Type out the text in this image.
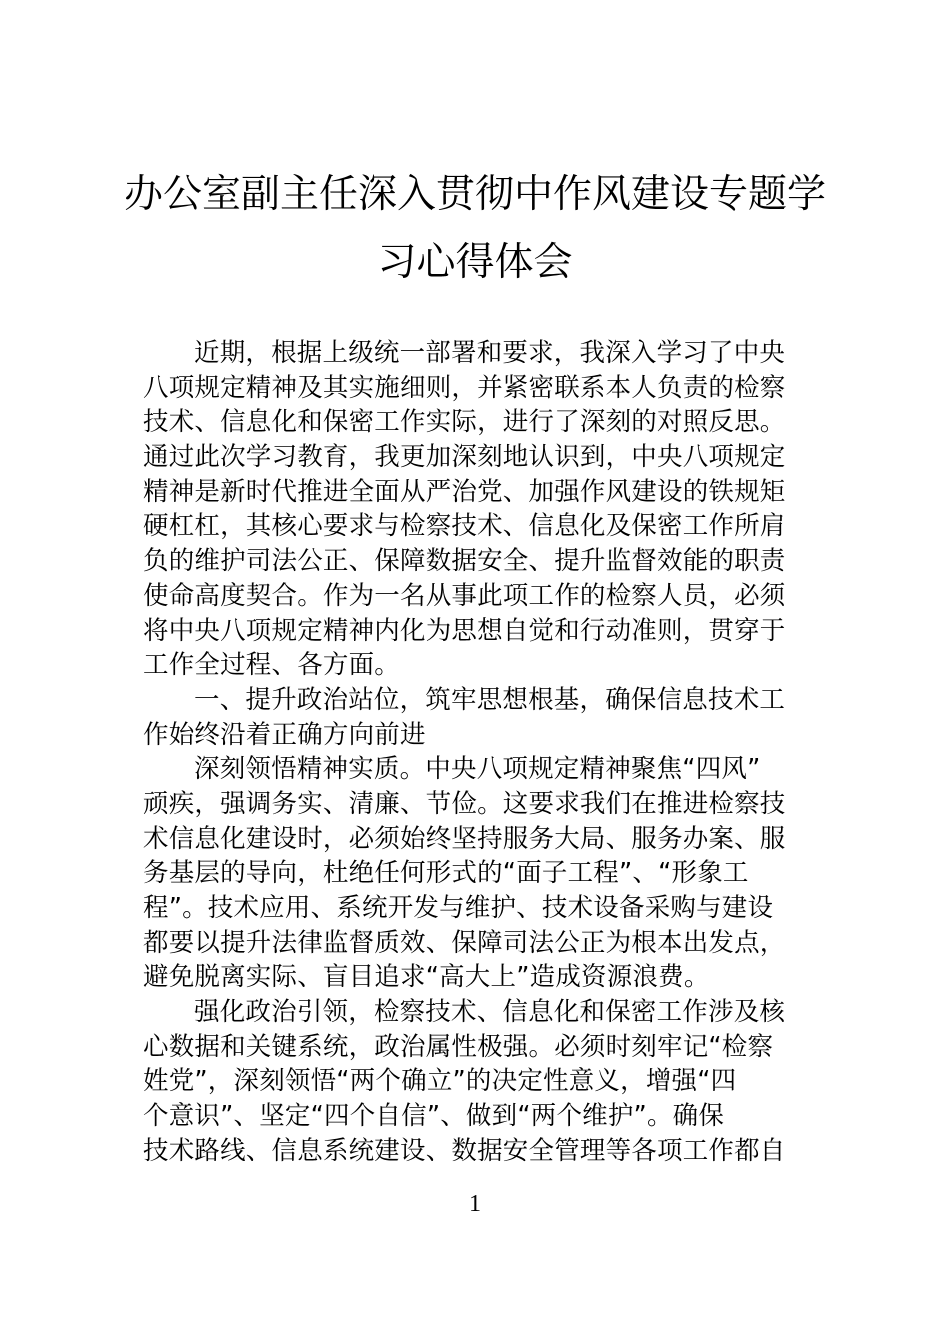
办公室副主任深入贯彻中作风建设专题学
习心得体会
近期，根据上级统一部署和要求，我深入学习了中央
八项规定精神及其实施细则，并紧密联系本人负责的检察
技术、信息化和保密工作实际，进行了深刻的对照反思。
通过此次学习教育，我更加深刻地认识到，中央八项规定
精神是新时代推进全面从严治党、加强作风建设的铁规矩
硬杠杠，其核心要求与检察技术、信息化及保密工作所肩
负的维护司法公正、保障数据安全、提升监督效能的职责
使命高度契合。作为一名从事此项工作的检察人员，必须
将中央八项规定精神内化为思想自觉和行动准则，贯穿于
工作全过程、各方面。
一、提升政治站位，筑牢思想根基，确保信息技术工
作始终沿着正确方向前进
深刻领悟精神实质。中央八项规定精神聚焦“四风”
顽疾，强调务实、清廉、节俭。这要求我们在推进检察技
术信息化建设时，必须始终坚持服务大局、服务办案、服
务基层的导向，杜绝任何形式的“面子工程”、“形象工
程”。技术应用、系统开发与维护、技术设备采购与建设
都要以提升法律监督质效、保障司法公正为根本出发点，
避免脱离实际、盲目追求“高大上”造成资源浪费。
强化政治引领，检察技术、信息化和保密工作涉及核
心数据和关键系统，政治属性极强。必须时刻牢记“检察
姓党”，深刻领悟“两个确立”的决定性意义，增强“四
个意识”、坚定“四个自信”、做到“两个维护”。确保
技术路线、信息系统建设、数据安全管理等各项工作都自
1
